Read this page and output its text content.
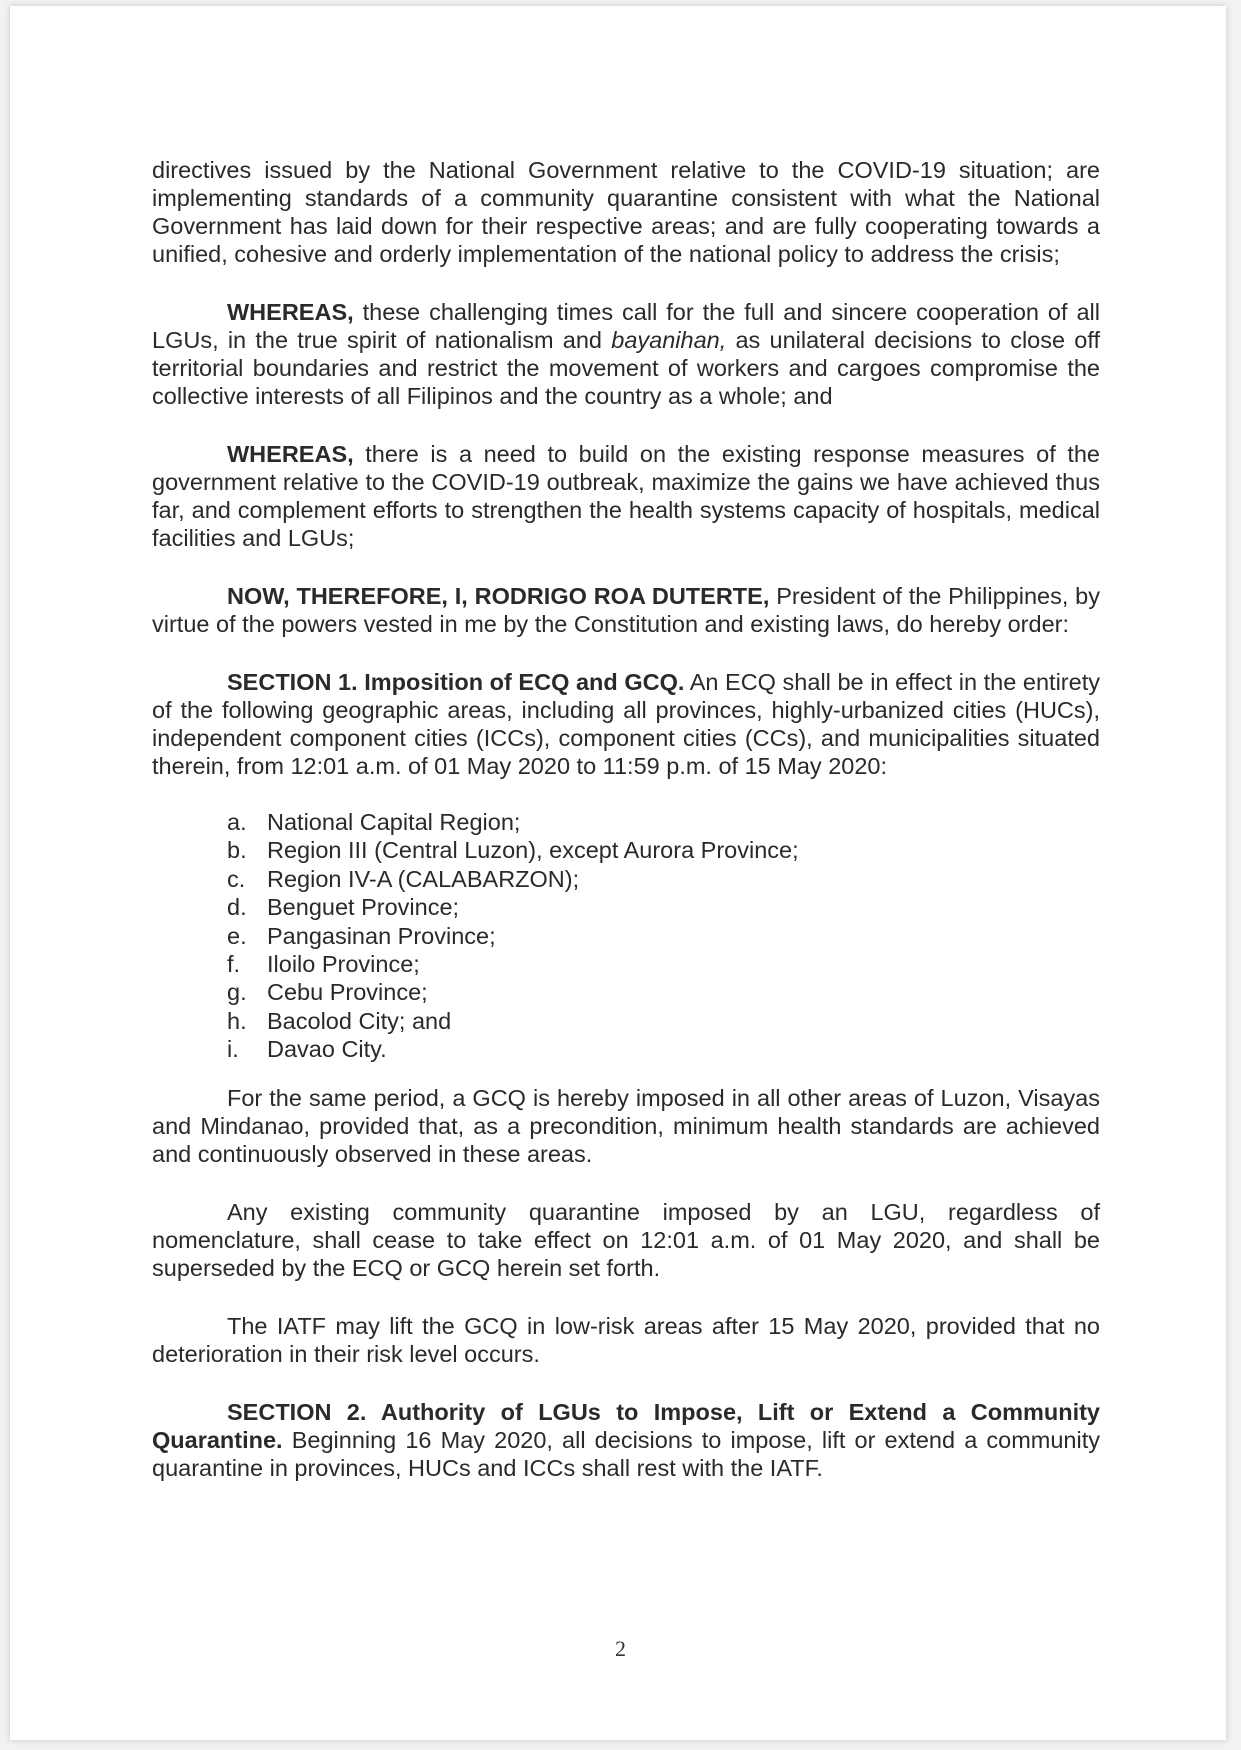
directives issued by the National Government relative to the COVID-19 situation; are implementing standards of a community quarantine consistent with what the National Government has laid down for their respective areas; and are fully cooperating towards a unified, cohesive and orderly implementation of the national policy to address the crisis;

WHEREAS, these challenging times call for the full and sincere cooperation of all LGUs, in the true spirit of nationalism and bayanihan, as unilateral decisions to close off territorial boundaries and restrict the movement of workers and cargoes compromise the collective interests of all Filipinos and the country as a whole; and

WHEREAS, there is a need to build on the existing response measures of the government relative to the COVID-19 outbreak, maximize the gains we have achieved thus far, and complement efforts to strengthen the health systems capacity of hospitals, medical facilities and LGUs;

NOW, THEREFORE, I, RODRIGO ROA DUTERTE, President of the Philippines, by virtue of the powers vested in me by the Constitution and existing laws, do hereby order:

SECTION 1. Imposition of ECQ and GCQ. An ECQ shall be in effect in the entirety of the following geographic areas, including all provinces, highly-urbanized cities (HUCs), independent component cities (ICCs), component cities (CCs), and municipalities situated therein, from 12:01 a.m. of 01 May 2020 to 11:59 p.m. of 15 May 2020:

a. National Capital Region;
b. Region III (Central Luzon), except Aurora Province;
c. Region IV-A (CALABARZON);
d. Benguet Province;
e. Pangasinan Province;
f.	Iloilo Province;
g. Cebu Province;
h. Bacolod City; and
i.	Davao City.

For the same period, a GCQ is hereby imposed in all other areas of Luzon, Visayas and Mindanao, provided that, as a precondition, minimum health standards are achieved and continuously observed in these areas.

Any existing community quarantine imposed by an LGU, regardless of nomenclature, shall cease to take effect on 12:01 a.m. of 01 May 2020, and shall be superseded by the ECQ or GCQ herein set forth.

The IATF may lift the GCQ in low-risk areas after 15 May 2020, provided that no deterioration in their risk level occurs.

SECTION 2. Authority of LGUs to Impose, Lift or Extend a Community Quarantine. Beginning 16 May 2020, all decisions to impose, lift or extend a community quarantine in provinces, HUCs and ICCs shall rest with the IATF.

2
